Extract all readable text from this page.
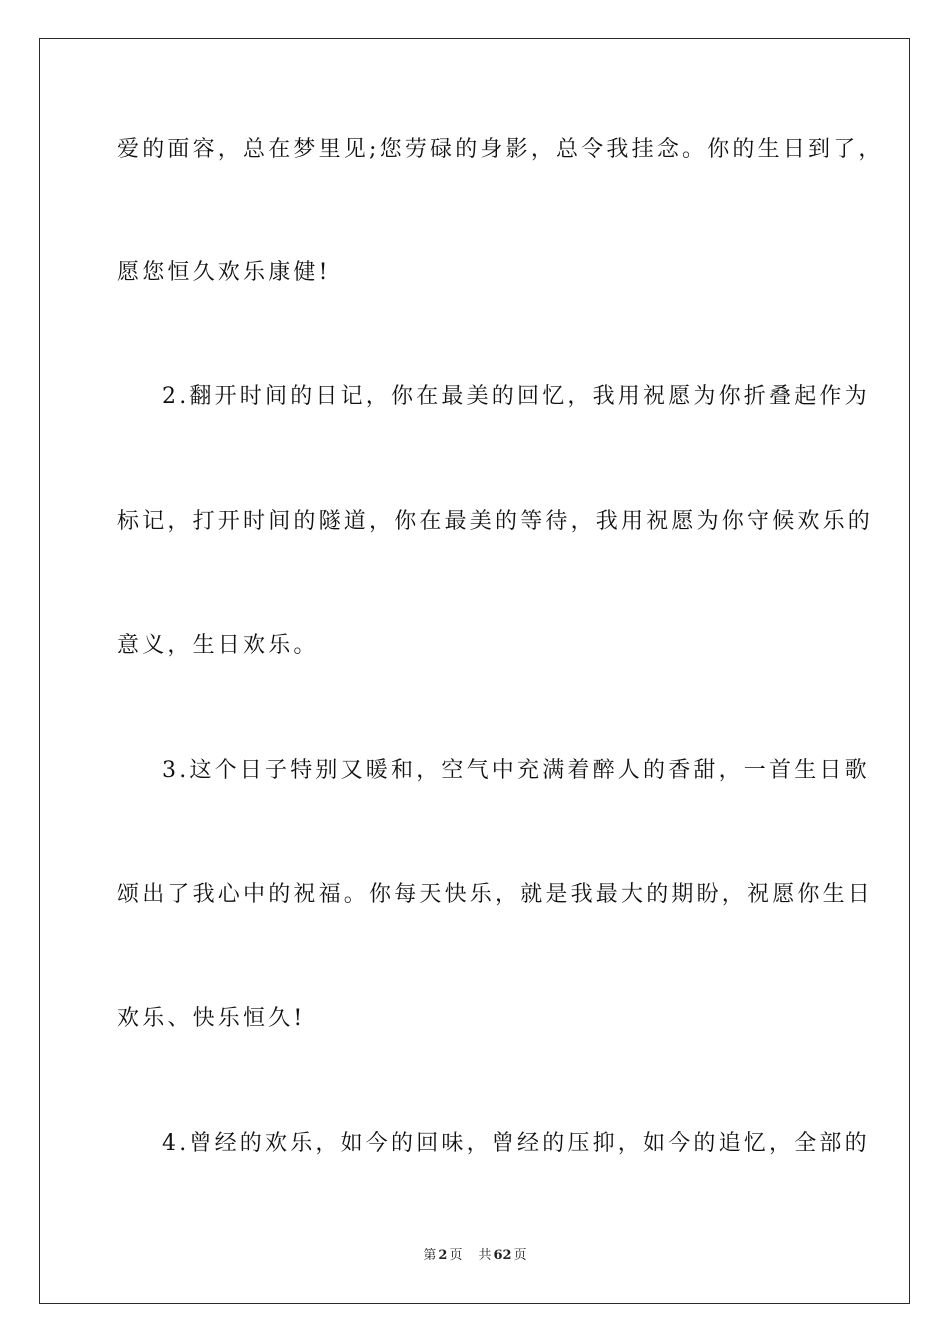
爱的面容，总在梦里见;您劳碌的身影，总令我挂念。你的生日到了，
愿您恒久欢乐康健!
2.翻开时间的日记，你在最美的回忆，我用祝愿为你折叠起作为
标记，打开时间的隧道，你在最美的等待，我用祝愿为你守候欢乐的
意义，生日欢乐。
3.这个日子特别又暖和，空气中充满着醉人的香甜，一首生日歌
颂出了我心中的祝福。你每天快乐，就是我最大的期盼，祝愿你生日
欢乐、快乐恒久!
4.曾经的欢乐，如今的回味，曾经的压抑，如今的追忆，全部的
第 2 页 共 62 页
